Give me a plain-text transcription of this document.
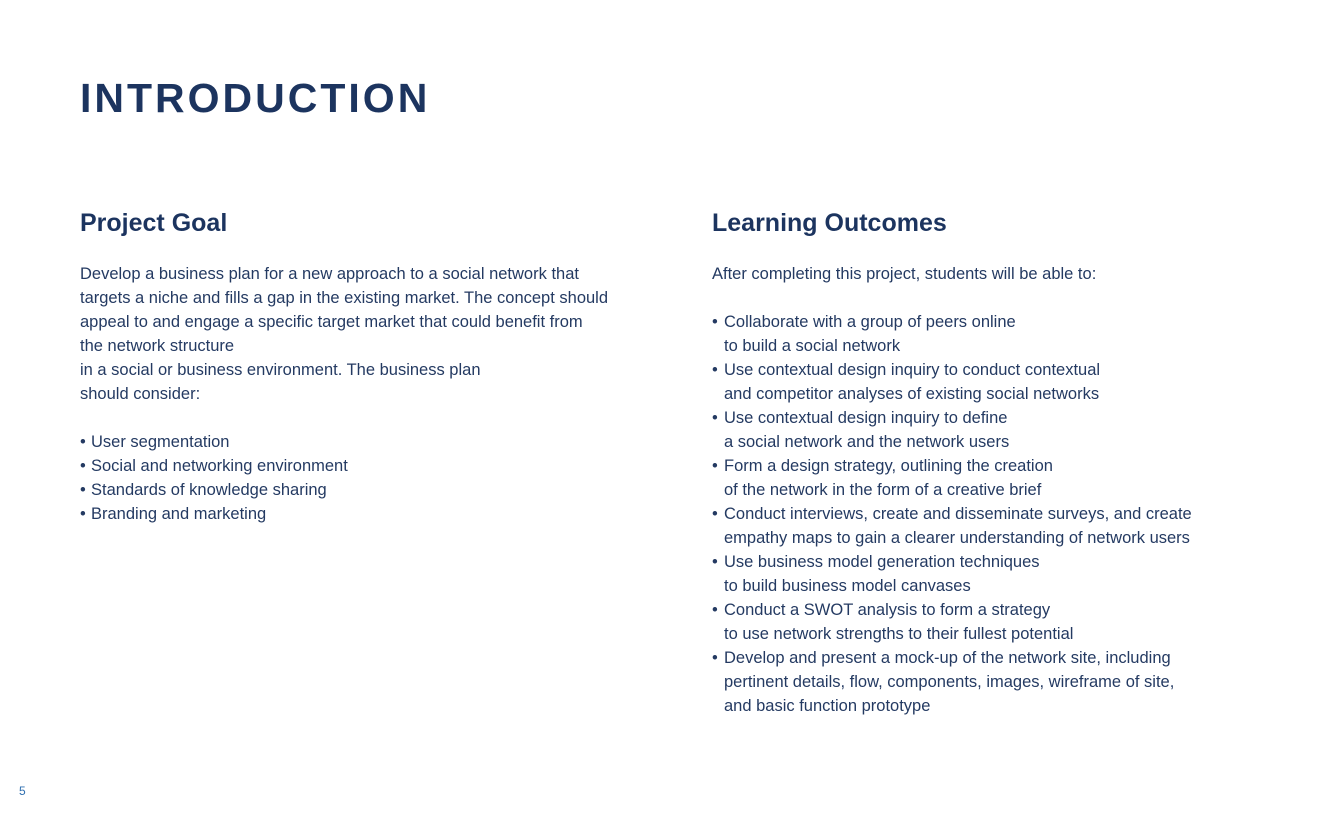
INTRODUCTION
Project Goal
Develop a business plan for a new approach to a social network that
targets a niche and fills a gap in the existing market. The concept should
appeal to and engage a specific target market that could benefit from
the network structure
in a social or business environment. The business plan
should consider:
• User segmentation
• Social and networking environment
• Standards of knowledge sharing
• Branding and marketing
Learning Outcomes
After completing this project, students will be able to:
• Collaborate with a group of peers online
to build a social network
• Use contextual design inquiry to conduct contextual
and competitor analyses of existing social networks
• Use contextual design inquiry to define
a social network and the network users
• Form a design strategy, outlining the creation
of the network in the form of a creative brief
• Conduct interviews, create and disseminate surveys, and create
empathy maps to gain a clearer understanding of network users
• Use business model generation techniques
to build business model canvases
• Conduct a SWOT analysis to form a strategy
to use network strengths to their fullest potential
• Develop and present a mock-up of the network site, including
pertinent details, flow, components, images, wireframe of site,
and basic function prototype
5
